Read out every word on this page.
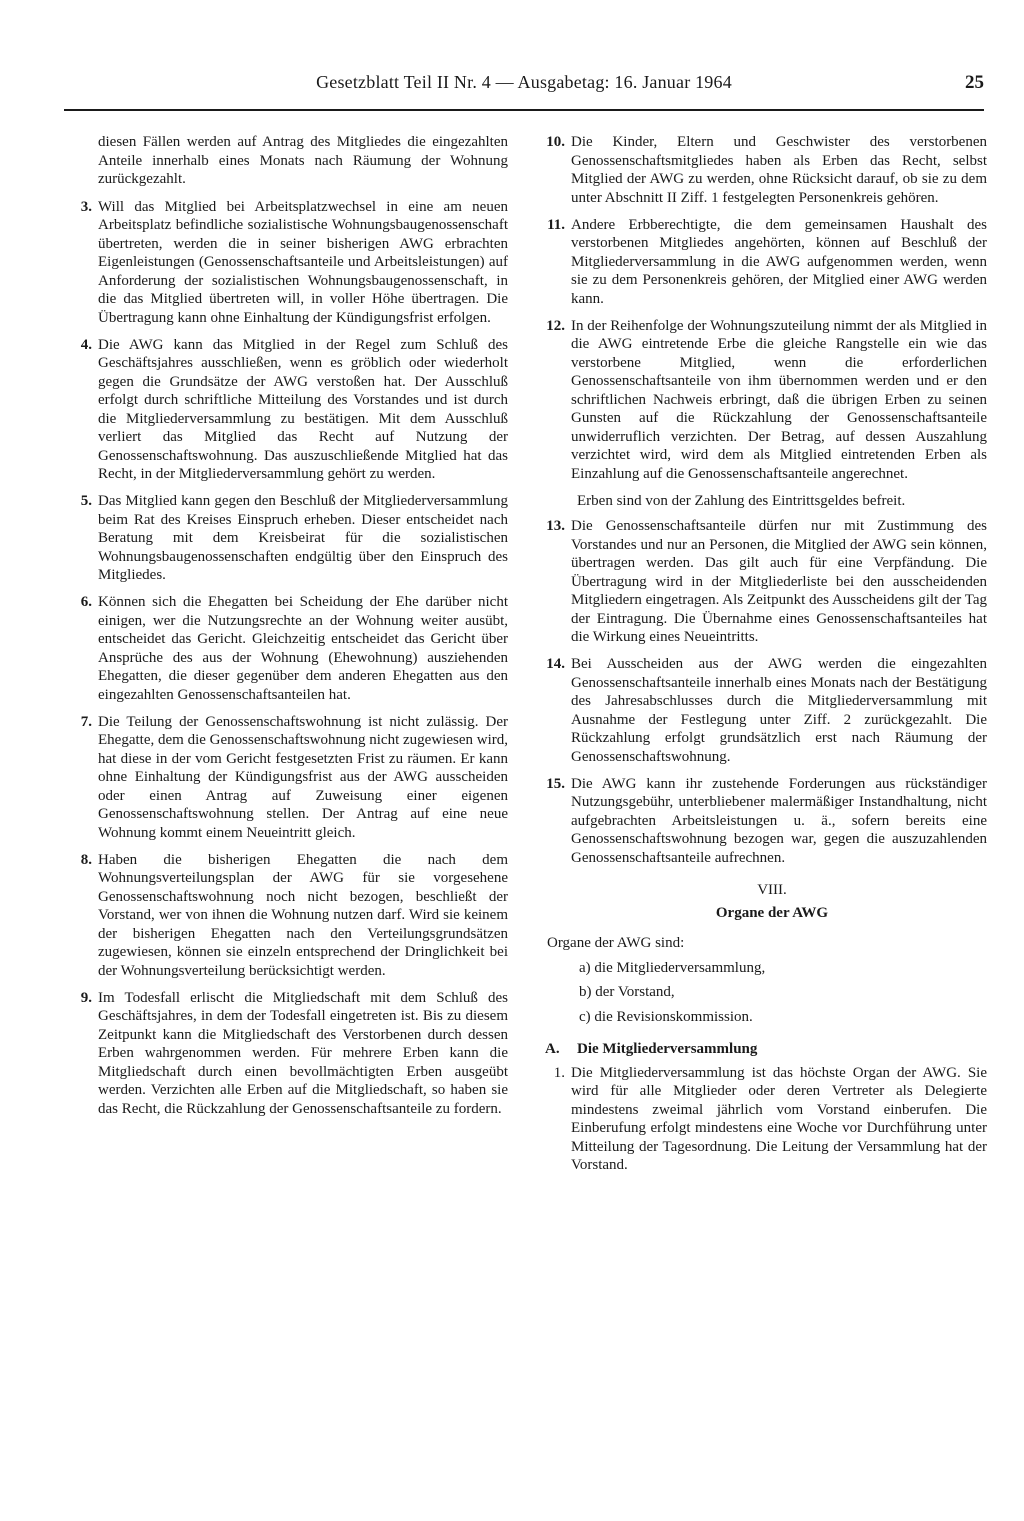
Gesetzblatt Teil II Nr. 4 — Ausgabetag: 16. Januar 1964	25
diesen Fällen werden auf Antrag des Mitgliedes die eingezahlten Anteile innerhalb eines Monats nach Räumung der Wohnung zurückgezahlt.
3. Will das Mitglied bei Arbeitsplatzwechsel in eine am neuen Arbeitsplatz befindliche sozialistische Wohnungsbaugenossenschaft übertreten, werden die in seiner bisherigen AWG erbrachten Eigenleistungen (Genossenschaftsanteile und Arbeitsleistungen) auf Anforderung der sozialistischen Wohnungsbaugenossenschaft, in die das Mitglied übertreten will, in voller Höhe übertragen. Die Übertragung kann ohne Einhaltung der Kündigungsfrist erfolgen.
4. Die AWG kann das Mitglied in der Regel zum Schluß des Geschäftsjahres ausschließen, wenn es gröblich oder wiederholt gegen die Grundsätze der AWG verstoßen hat. Der Ausschluß erfolgt durch schriftliche Mitteilung des Vorstandes und ist durch die Mitgliederversammlung zu bestätigen. Mit dem Ausschluß verliert das Mitglied das Recht auf Nutzung der Genossenschaftswohnung. Das auszuschließende Mitglied hat das Recht, in der Mitgliederversammlung gehört zu werden.
5. Das Mitglied kann gegen den Beschluß der Mitgliederversammlung beim Rat des Kreises Einspruch erheben. Dieser entscheidet nach Beratung mit dem Kreisbeirat für die sozialistischen Wohnungsbaugenossenschaften endgültig über den Einspruch des Mitgliedes.
6. Können sich die Ehegatten bei Scheidung der Ehe darüber nicht einigen, wer die Nutzungsrechte an der Wohnung weiter ausübt, entscheidet das Gericht. Gleichzeitig entscheidet das Gericht über Ansprüche des aus der Wohnung (Ehewohnung) ausziehenden Ehegatten, die dieser gegenüber dem anderen Ehegatten aus den eingezahlten Genossenschaftsanteilen hat.
7. Die Teilung der Genossenschaftswohnung ist nicht zulässig. Der Ehegatte, dem die Genossenschaftswohnung nicht zugewiesen wird, hat diese in der vom Gericht festgesetzten Frist zu räumen. Er kann ohne Einhaltung der Kündigungsfrist aus der AWG ausscheiden oder einen Antrag auf Zuweisung einer eigenen Genossenschaftswohnung stellen. Der Antrag auf eine neue Wohnung kommt einem Neueintritt gleich.
8. Haben die bisherigen Ehegatten die nach dem Wohnungsverteilungsplan der AWG für sie vorgesehene Genossenschaftswohnung noch nicht bezogen, beschließt der Vorstand, wer von ihnen die Wohnung nutzen darf. Wird sie keinem der bisherigen Ehegatten nach den Verteilungsgrundsätzen zugewiesen, können sie einzeln entsprechend der Dringlichkeit bei der Wohnungsverteilung berücksichtigt werden.
9. Im Todesfall erlischt die Mitgliedschaft mit dem Schluß des Geschäftsjahres, in dem der Todesfall eingetreten ist. Bis zu diesem Zeitpunkt kann die Mitgliedschaft des Verstorbenen durch dessen Erben wahrgenommen werden. Für mehrere Erben kann die Mitgliedschaft durch einen bevollmächtigten Erben ausgeübt werden. Verzichten alle Erben auf die Mitgliedschaft, so haben sie das Recht, die Rückzahlung der Genossenschaftsanteile zu fordern.
10. Die Kinder, Eltern und Geschwister des verstorbenen Genossenschaftsmitgliedes haben als Erben das Recht, selbst Mitglied der AWG zu werden, ohne Rücksicht darauf, ob sie zu dem unter Abschnitt II Ziff. 1 festgelegten Personenkreis gehören.
11. Andere Erbberechtigte, die dem gemeinsamen Haushalt des verstorbenen Mitgliedes angehörten, können auf Beschluß der Mitgliederversammlung in die AWG aufgenommen werden, wenn sie zu dem Personenkreis gehören, der Mitglied einer AWG werden kann.
12. In der Reihenfolge der Wohnungszuteilung nimmt der als Mitglied in die AWG eintretende Erbe die gleiche Rangstelle ein wie das verstorbene Mitglied, wenn die erforderlichen Genossenschaftsanteile von ihm übernommen werden und er den schriftlichen Nachweis erbringt, daß die übrigen Erben zu seinen Gunsten auf die Rückzahlung der Genossenschaftsanteile unwiderruflich verzichten. Der Betrag, auf dessen Auszahlung verzichtet wird, wird dem als Mitglied eintretenden Erben als Einzahlung auf die Genossenschaftsanteile angerechnet.
Erben sind von der Zahlung des Eintrittsgeldes befreit.
13. Die Genossenschaftsanteile dürfen nur mit Zustimmung des Vorstandes und nur an Personen, die Mitglied der AWG sein können, übertragen werden. Das gilt auch für eine Verpfändung. Die Übertragung wird in der Mitgliederliste bei den ausscheidenden Mitgliedern eingetragen. Als Zeitpunkt des Ausscheidens gilt der Tag der Eintragung. Die Übernahme eines Genossenschaftsanteiles hat die Wirkung eines Neueintritts.
14. Bei Ausscheiden aus der AWG werden die eingezahlten Genossenschaftsanteile innerhalb eines Monats nach der Bestätigung des Jahresabschlusses durch die Mitgliederversammlung mit Ausnahme der Festlegung unter Ziff. 2 zurückgezahlt. Die Rückzahlung erfolgt grundsätzlich erst nach Räumung der Genossenschaftswohnung.
15. Die AWG kann ihr zustehende Forderungen aus rückständiger Nutzungsgebühr, unterbliebener malermäßiger Instandhaltung, nicht aufgebrachten Arbeitsleistungen u. ä., sofern bereits eine Genossenschaftswohnung bezogen war, gegen die auszuzahlenden Genossenschaftsanteile aufrechnen.
VIII.
Organe der AWG
Organe der AWG sind:
a) die Mitgliederversammlung,
b) der Vorstand,
c) die Revisionskommission.
A. Die Mitgliederversammlung
1. Die Mitgliederversammlung ist das höchste Organ der AWG. Sie wird für alle Mitglieder oder deren Vertreter als Delegierte mindestens zweimal jährlich vom Vorstand einberufen. Die Einberufung erfolgt mindestens eine Woche vor Durchführung unter Mitteilung der Tagesordnung. Die Leitung der Versammlung hat der Vorstand.
